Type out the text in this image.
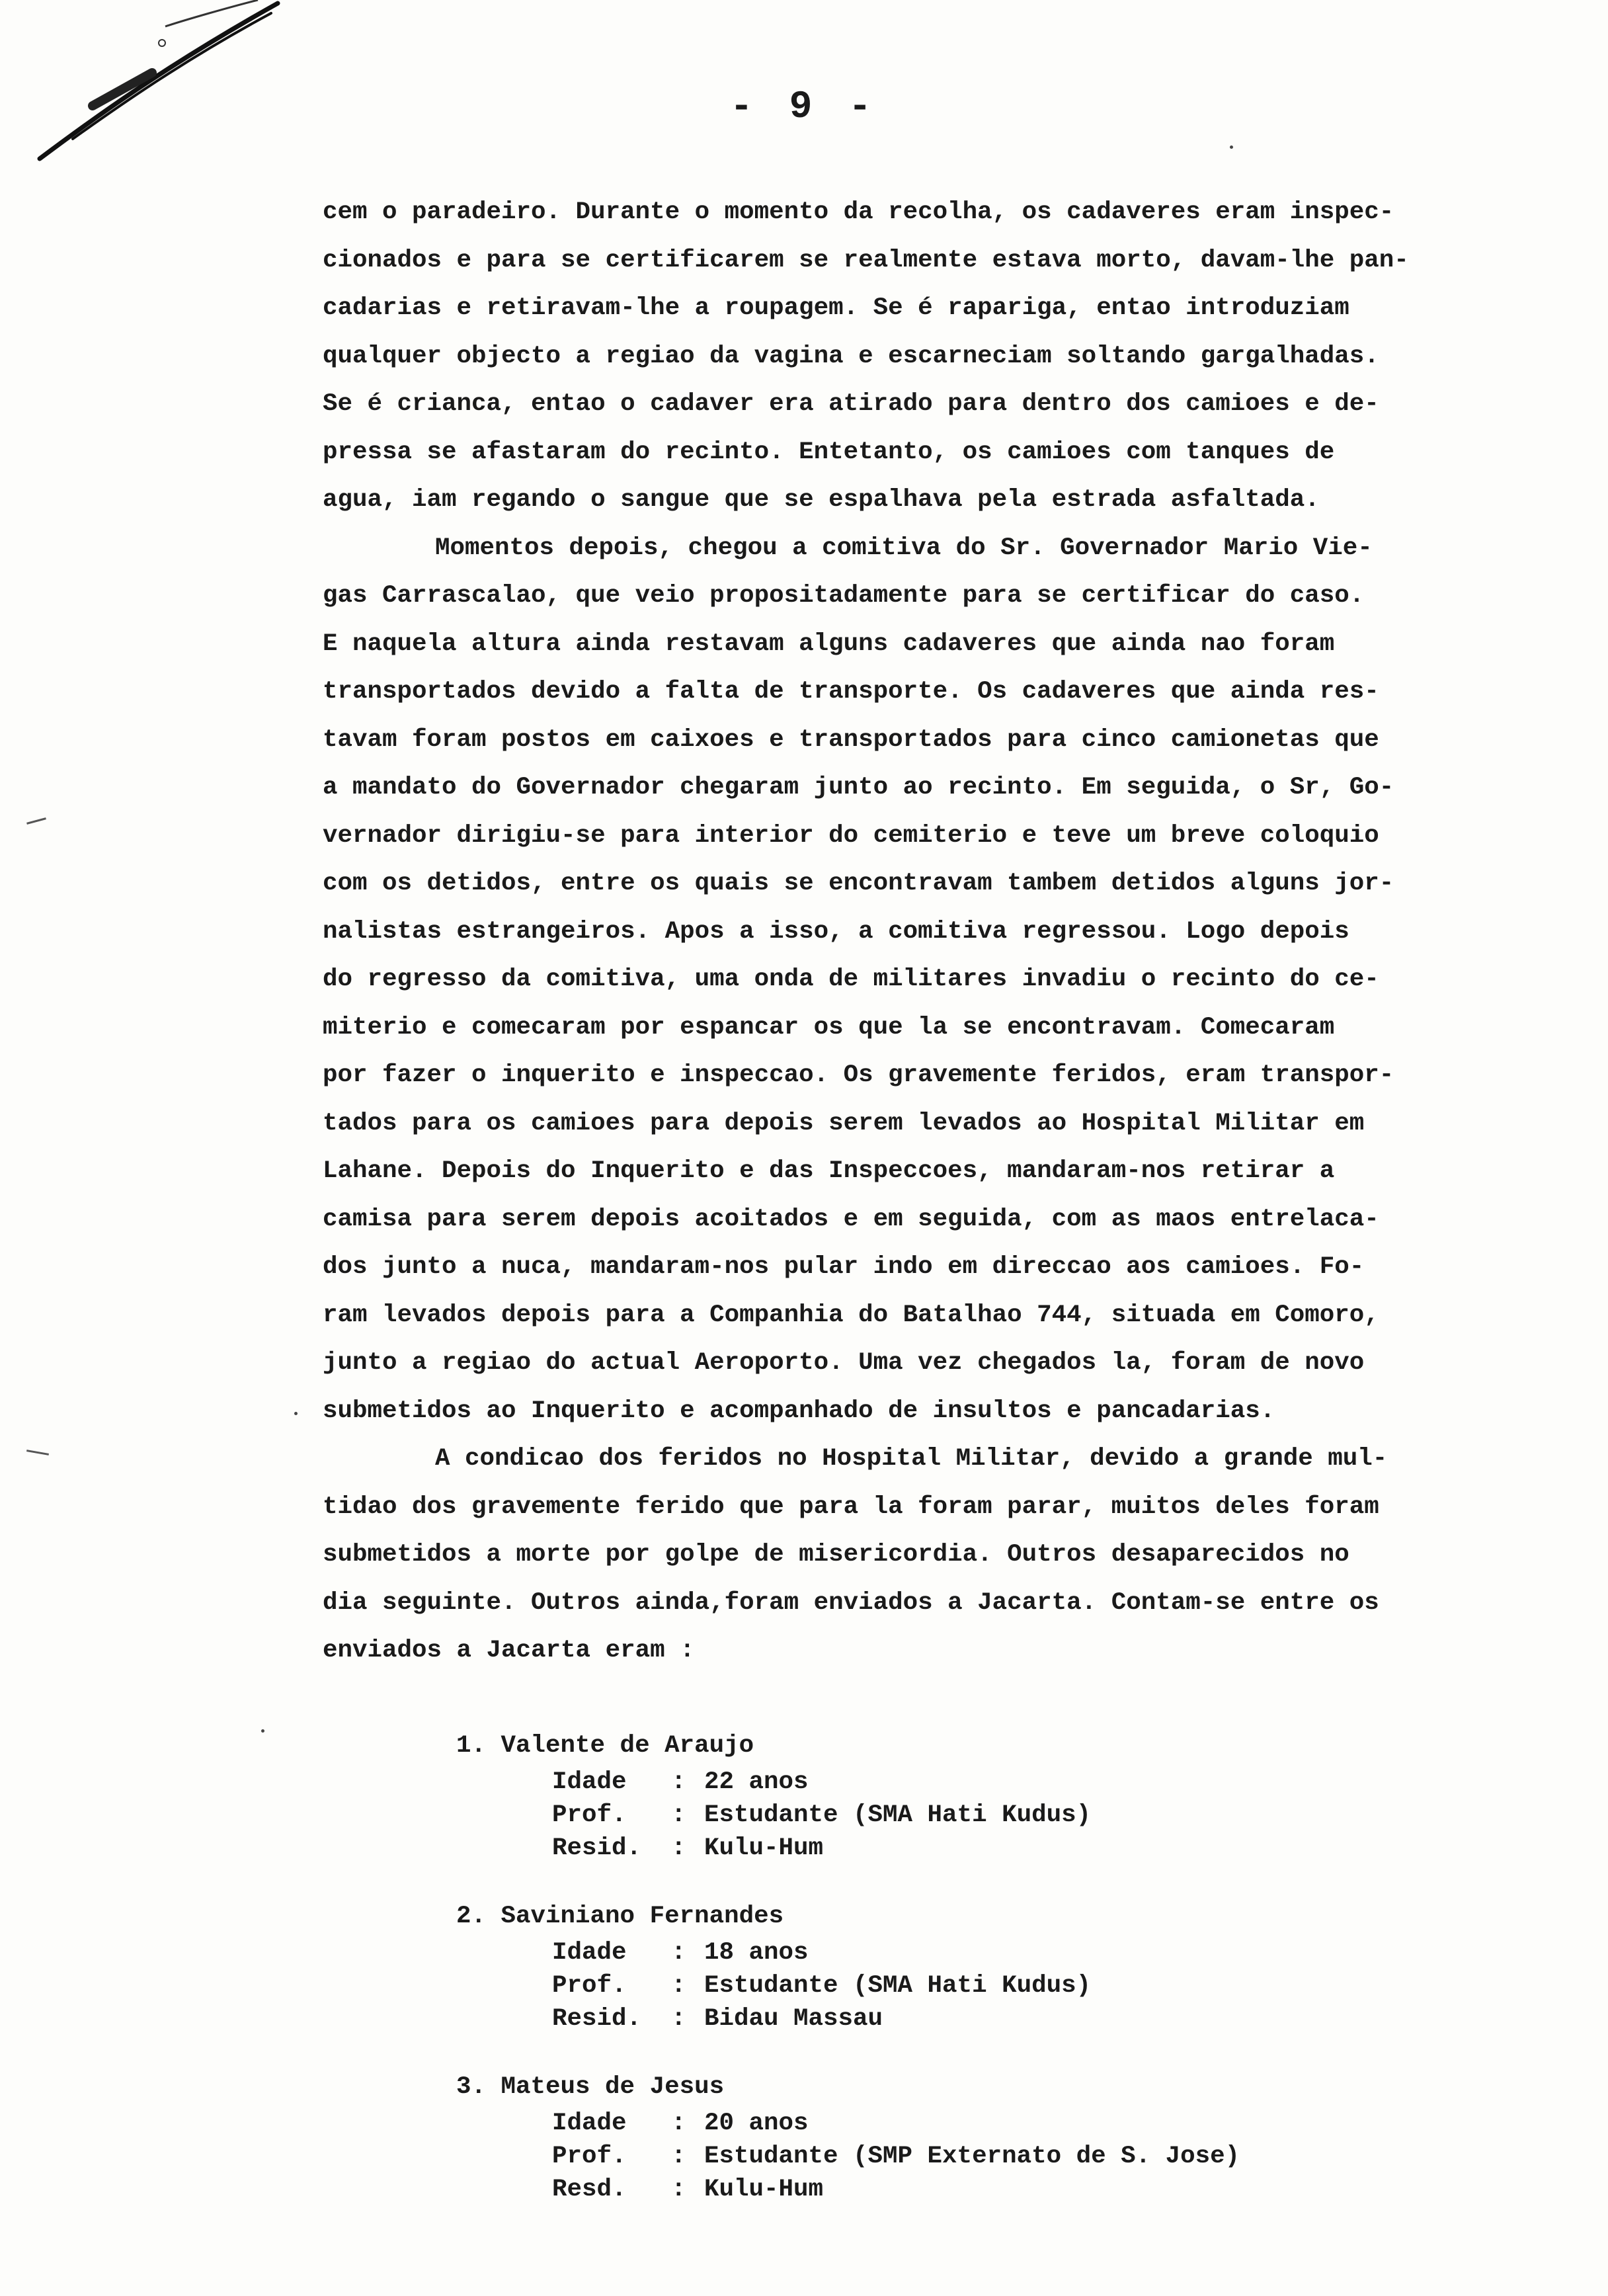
- 9 -
cem o paradeiro. Durante o momento da recolha, os cadaveres eram inspec-
cionados e para se certificarem se realmente estava morto, davam-lhe pan-
cadarias e retiravam-lhe a roupagem. Se é rapariga, entao introduziam
qualquer objecto a regiao da vagina e escarneciam soltando gargalhadas.
Se é crianca, entao o cadaver era atirado para dentro dos camioes e de-
pressa se afastaram do recinto. Entetanto, os camioes com tanques de
agua, iam regando o sangue que se espalhava pela estrada asfaltada.
Momentos depois, chegou a comitiva do Sr. Governador Mario Vie-
gas Carrascalao, que veio propositadamente para se certificar do caso.
E naquela altura ainda restavam alguns cadaveres que ainda nao foram
transportados devido a falta de transporte. Os cadaveres que ainda res-
tavam foram postos em caixoes e transportados para cinco camionetas que
a mandato do Governador chegaram junto ao recinto. Em seguida, o Sr, Go-
vernador dirigiu-se para interior do cemiterio e teve um breve coloquio
com os detidos, entre os quais se encontravam tambem detidos alguns jor-
nalistas estrangeiros. Apos a isso, a comitiva regressou. Logo depois
do regresso da comitiva, uma onda de militares invadiu o recinto do ce-
miterio e comecaram por espancar os que la se encontravam. Comecaram
por fazer o inquerito e inspeccao. Os gravemente feridos, eram transpor-
tados para os camioes para depois serem levados ao Hospital Militar em
Lahane. Depois do Inquerito e das Inspeccoes, mandaram-nos retirar a
camisa para serem depois acoitados e em seguida, com as maos entrelaca-
dos junto a nuca, mandaram-nos pular indo em direccao aos camioes. Fo-
ram levados depois para a Companhia do Batalhao 744, situada em Comoro,
junto a regiao do actual Aeroporto. Uma vez chegados la, foram de novo
submetidos ao Inquerito e acompanhado de insultos e pancadarias.
A condicao dos feridos no Hospital Militar, devido a grande mul-
tidao dos gravemente ferido que para la foram parar, muitos deles foram
submetidos a morte por golpe de misericordia. Outros desaparecidos no
dia seguinte. Outros ainda,foram enviados a Jacarta. Contam-se entre os
enviados a Jacarta eram :
1. Valente de Araujo
Idade : 22 anos
Prof. : Estudante (SMA Hati Kudus)
Resid. : Kulu-Hum
2. Saviniano Fernandes
Idade : 18 anos
Prof. : Estudante (SMA Hati Kudus)
Resid. : Bidau Massau
3. Mateus de Jesus
Idade : 20 anos
Prof. : Estudante (SMP Externato de S. Jose)
Resd. : Kulu-Hum
